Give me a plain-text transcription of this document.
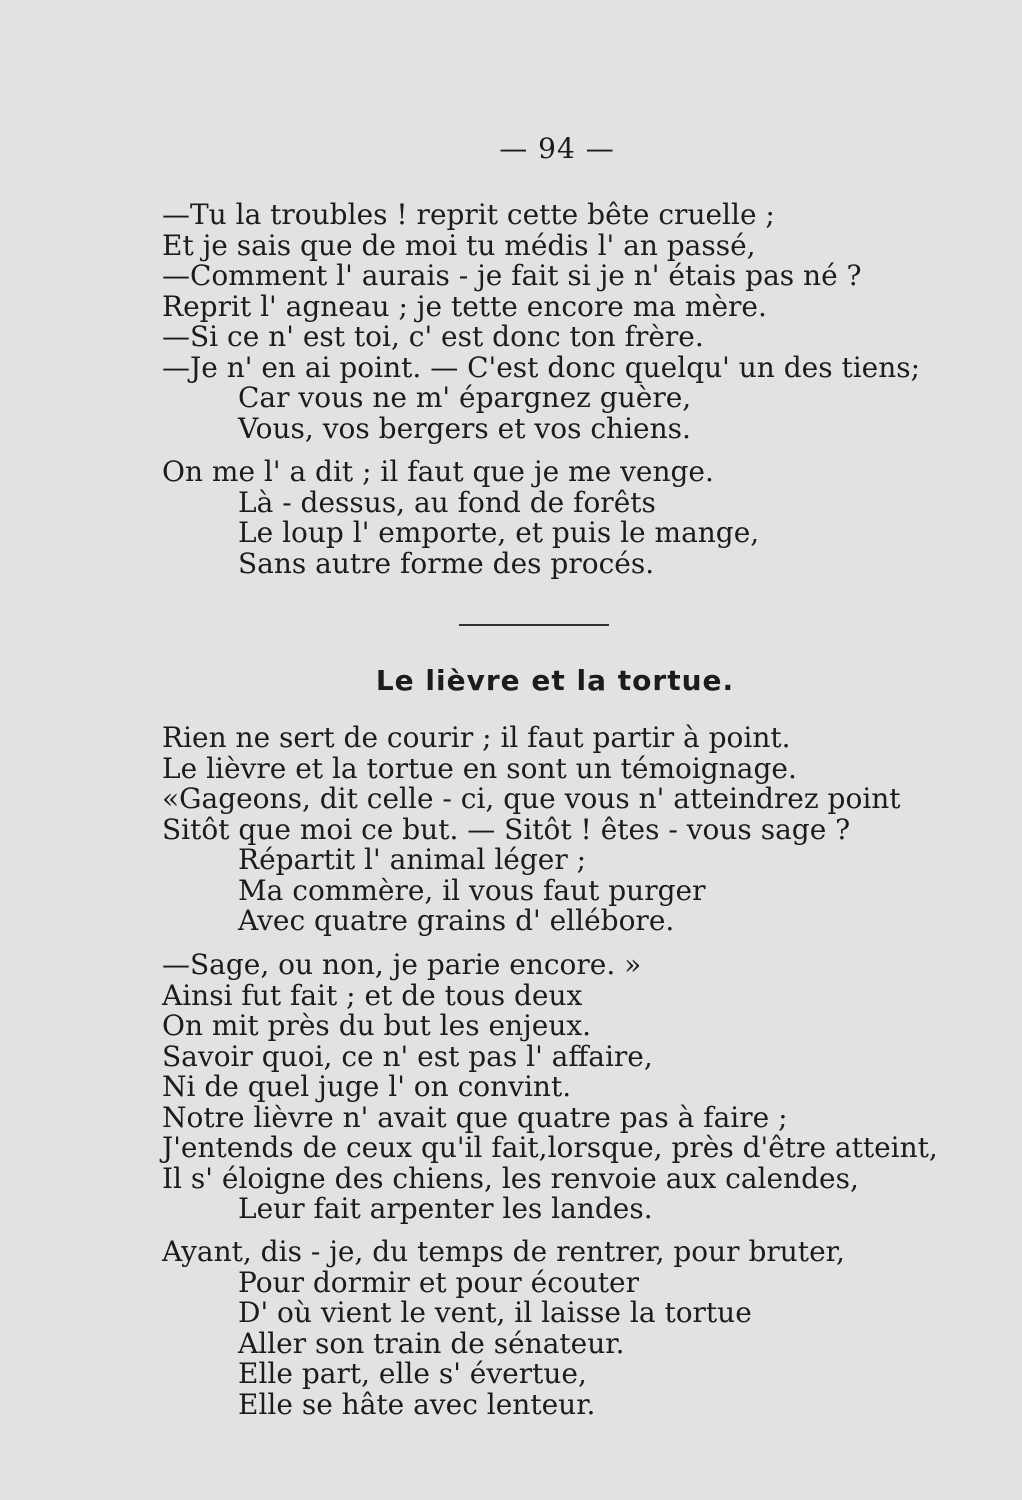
— 94 —
—Tu la troubles ! reprit cette bête cruelle ;
Et je sais que de moi tu médis l' an passé,
—Comment l' aurais - je fait si je n' étais pas né ?
Reprit l' agneau ; je tette encore ma mère.
—Si ce n' est toi, c' est donc ton frère.
—Je n' en ai point. — C'est donc quelqu' un des tiens;
Car vous ne m' épargnez guère,
Vous, vos bergers et vos chiens.
On me l' a dit ; il faut que je me venge.
Là - dessus, au fond de forêts
Le loup l' emporte, et puis le mange,
Sans autre forme des procés.
Le lièvre et la tortue.
Rien ne sert de courir ; il faut partir à point.
Le lièvre et la tortue en sont un témoignage.
«Gageons, dit celle - ci, que vous n' atteindrez point
Sitôt que moi ce but. — Sitôt ! êtes - vous sage ?
Répartit l' animal léger ;
Ma commère, il vous faut purger
Avec quatre grains d' ellébore.
—Sage, ou non, je parie encore. »
Ainsi fut fait ; et de tous deux
On mit près du but les enjeux.
Savoir quoi, ce n' est pas l' affaire,
Ni de quel juge l' on convint.
Notre lièvre n' avait que quatre pas à faire ;
J'entends de ceux qu'il fait,lorsque, près d'être atteint,
Il s' éloigne des chiens, les renvoie aux calendes,
Leur fait arpenter les landes.
Ayant, dis - je, du temps de rentrer, pour bruter,
Pour dormir et pour écouter
D' où vient le vent, il laisse la tortue
Aller son train de sénateur.
Elle part, elle s' évertue,
Elle se hâte avec lenteur.
